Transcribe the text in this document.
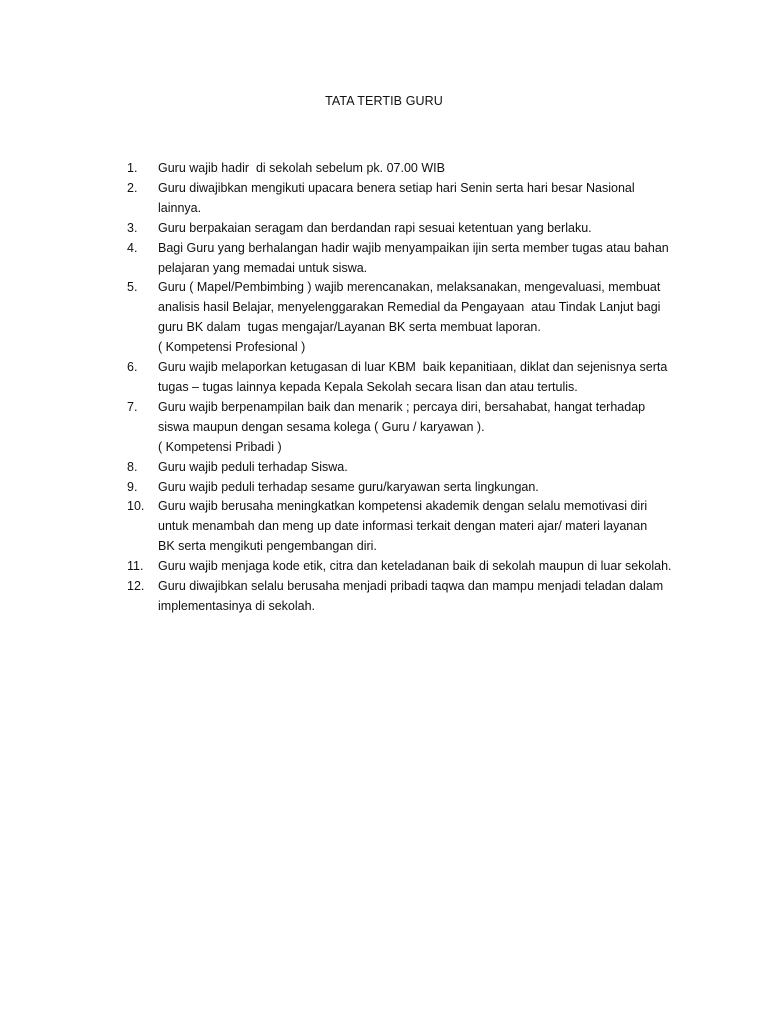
TATA TERTIB GURU
1.	Guru wajib hadir  di sekolah sebelum pk. 07.00 WIB
2.	Guru diwajibkan mengikuti upacara benera setiap hari Senin serta hari besar Nasional
lainnya.
3.	Guru berpakaian seragam dan berdandan rapi sesuai ketentuan yang berlaku.
4.	Bagi Guru yang berhalangan hadir wajib menyampaikan ijin serta member tugas atau bahan
pelajaran yang memadai untuk siswa.
5.	Guru ( Mapel/Pembimbing ) wajib merencanakan, melaksanakan, mengevaluasi, membuat
analisis hasil Belajar, menyelenggarakan Remedial da Pengayaan  atau Tindak Lanjut bagi
guru BK dalam  tugas mengajar/Layanan BK serta membuat laporan.
( Kompetensi Profesional )
6.	Guru wajib melaporkan ketugasan di luar KBM  baik kepanitiaan, diklat dan sejenisnya serta
tugas – tugas lainnya kepada Kepala Sekolah secara lisan dan atau tertulis.
7.	Guru wajib berpenampilan baik dan menarik ; percaya diri, bersahabat, hangat terhadap
siswa maupun dengan sesama kolega ( Guru / karyawan ).
( Kompetensi Pribadi )
8.	Guru wajib peduli terhadap Siswa.
9.	Guru wajib peduli terhadap sesame guru/karyawan serta lingkungan.
10.	Guru wajib berusaha meningkatkan kompetensi akademik dengan selalu memotivasi diri
untuk menambah dan meng up date informasi terkait dengan materi ajar/ materi layanan
BK serta mengikuti pengembangan diri.
11.	Guru wajib menjaga kode etik, citra dan keteladanan baik di sekolah maupun di luar sekolah.
12.	Guru diwajibkan selalu berusaha menjadi pribadi taqwa dan mampu menjadi teladan dalam
implementasinya di sekolah.
